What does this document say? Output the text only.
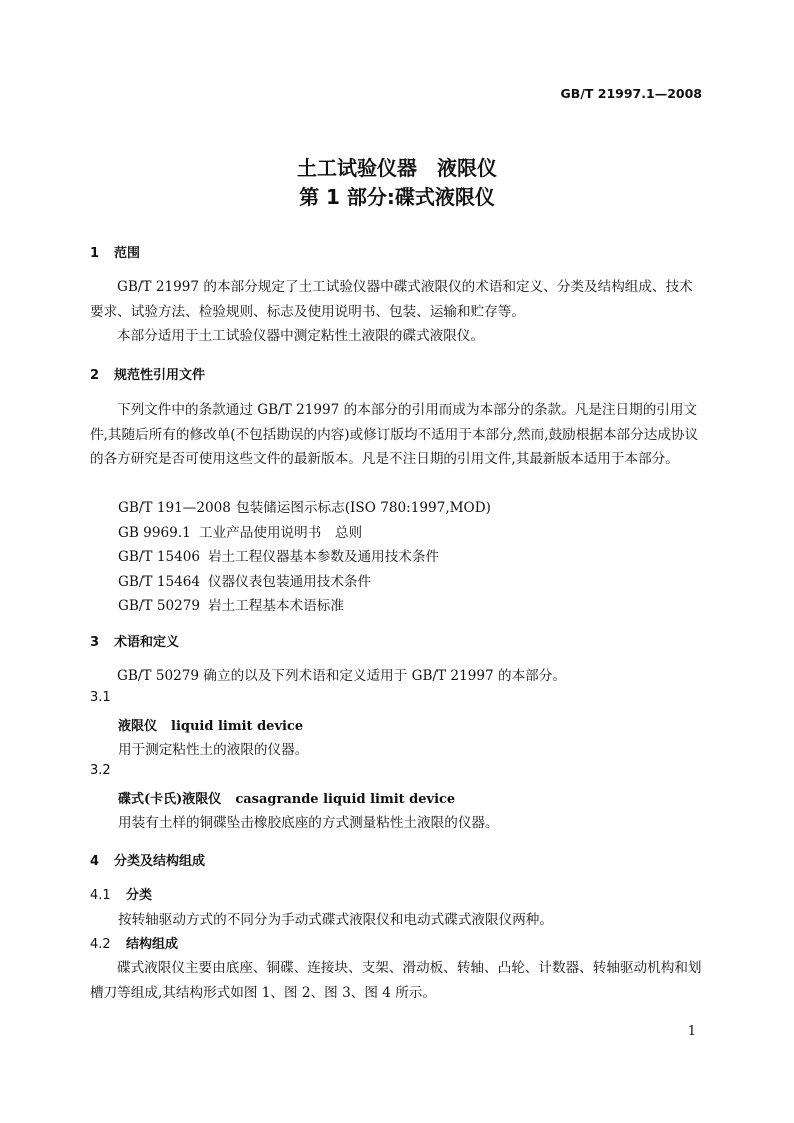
GB/T 21997.1—2008
土工试验仪器　液限仪
第 1 部分:碟式液限仪
1 范围
GB/T 21997 的本部分规定了土工试验仪器中碟式液限仪的术语和定义、分类及结构组成、技术要求、试验方法、检验规则、标志及使用说明书、包装、运输和贮存等。
本部分适用于土工试验仪器中测定粘性土液限的碟式液限仪。
2 规范性引用文件
下列文件中的条款通过 GB/T 21997 的本部分的引用而成为本部分的条款。凡是注日期的引用文件,其随后所有的修改单(不包括勘误的内容)或修订版均不适用于本部分,然而,鼓励根据本部分达成协议的各方研究是否可使用这些文件的最新版本。凡是不注日期的引用文件,其最新版本适用于本部分。
GB/T 191—2008 包装储运图示标志(ISO 780:1997,MOD)
GB 9969.1 工业产品使用说明书　总则
GB/T 15406 岩土工程仪器基本参数及通用技术条件
GB/T 15464 仪器仪表包装通用技术条件
GB/T 50279 岩土工程基本术语标准
3 术语和定义
GB/T 50279 确立的以及下列术语和定义适用于 GB/T 21997 的本部分。
3.1
液限仪 liquid limit device
用于测定粘性土的液限的仪器。
3.2
碟式(卡氏)液限仪 casagrande liquid limit device
用装有土样的铜碟坠击橡胶底座的方式测量粘性土液限的仪器。
4 分类及结构组成
4.1 分类
按转轴驱动方式的不同分为手动式碟式液限仪和电动式碟式液限仪两种。
4.2 结构组成
碟式液限仪主要由底座、铜碟、连接块、支架、滑动板、转轴、凸轮、计数器、转轴驱动机构和划槽刀等组成,其结构形式如图 1、图 2、图 3、图 4 所示。
1
